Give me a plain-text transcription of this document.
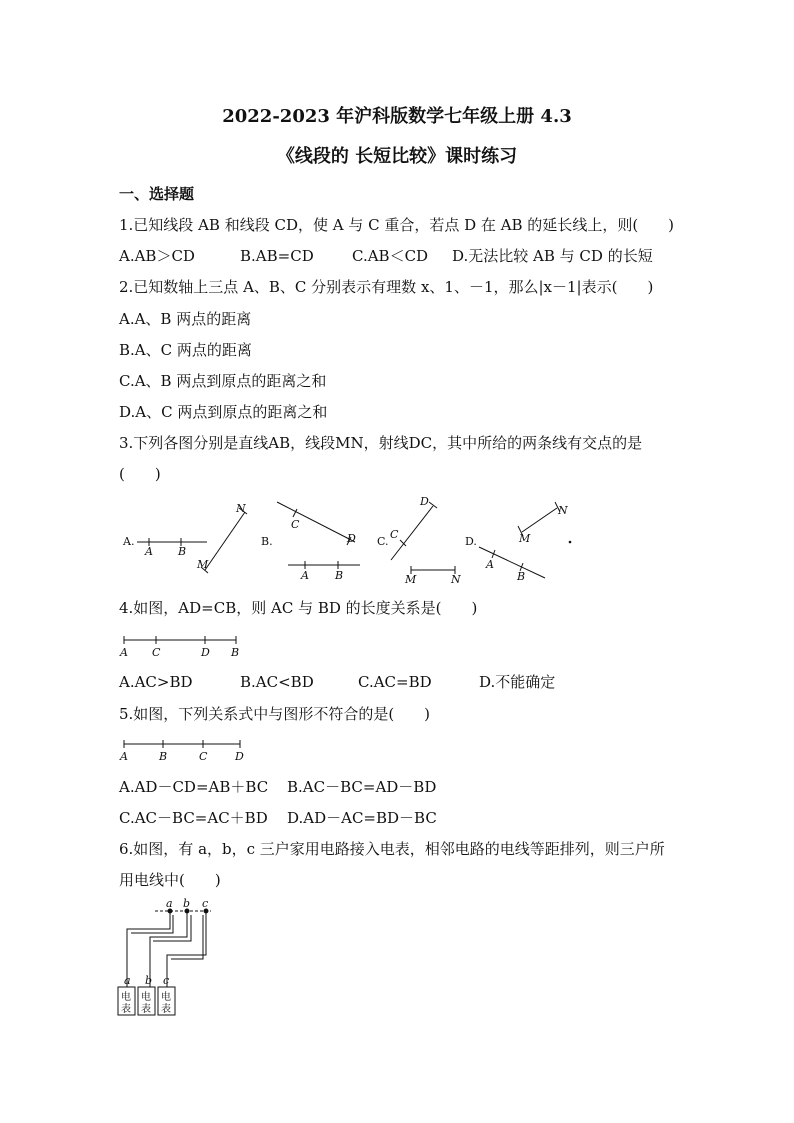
2022-2023 年沪科版数学七年级上册 4.3
《线段的 长短比较》课时练习
一、选择题
1.已知线段 AB 和线段 CD，使 A 与 C 重合，若点 D 在 AB 的延长线上，则(　　)
A.AB＞CD	B.AB=CD	C.AB＜CD D.无法比较 AB 与 CD 的长短
2.已知数轴上三点 A、B、C 分别表示有理数 x、1、－1，那么|x－1|表示(　　)
A.A、B 两点的距离
B.A、C 两点的距离
C.A、B 两点到原点的距离之和
D.A、C 两点到原点的距离之和
3.下列各图分别是直线AB，线段MN，射线DC，其中所给的两条线有交点的是
(　　)
A.
A B
N
M
B.
C
D
A B
C.
D
C
M	N
D.
N
M
A
B
4.如图，AD=CB，则 AC 与 BD 的长度关系是(　　)
A C	D B
A.AC>BD	B.AC<BD	C.AC=BD	D.不能确定
5.如图，下列关系式中与图形不符合的是(　　)
A	B	C	D
A.AD－CD=AB＋BC B.AC－BC=AD－BD
C.AC－BC=AC＋BD D.AD－AC=BD－BC
6.如图，有 a，b，c 三户家用电路接入电表，相邻电路的电线等距排列，则三户所
用电线中(　　)
a b c
a b c
电
表
电
表
电
表
